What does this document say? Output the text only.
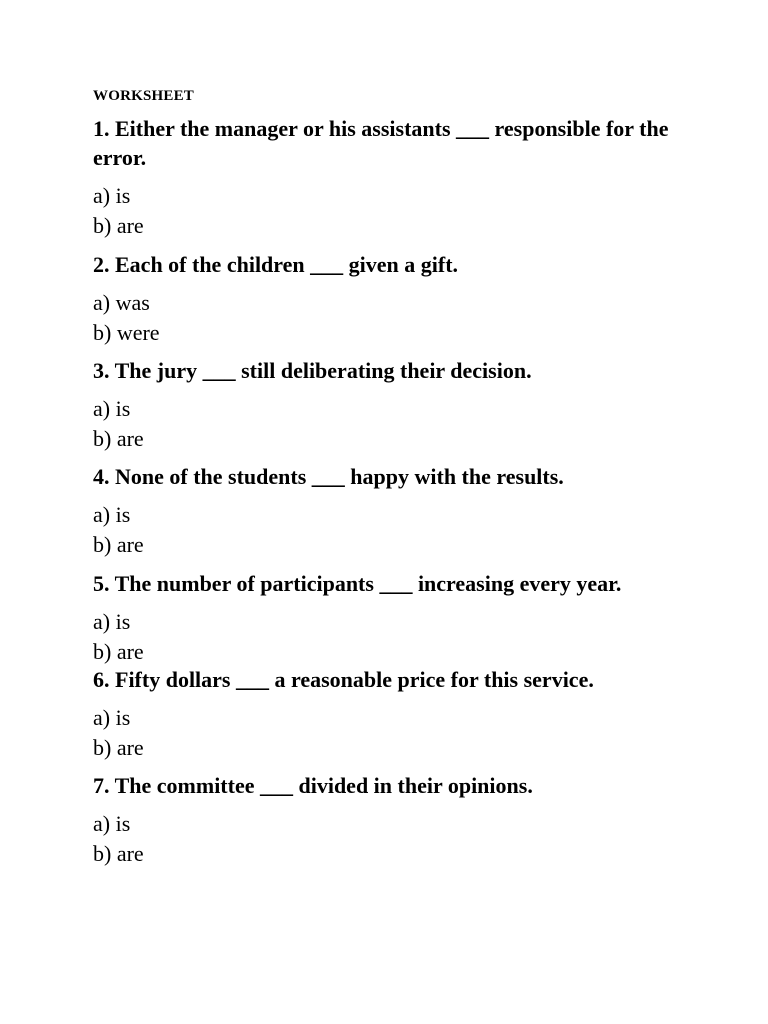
WORKSHEET

1. Either the manager or his assistants ___ responsible for the error.

a) is
b) are

2. Each of the children ___ given a gift.

a) was
b) were

3. The jury ___ still deliberating their decision.

a) is
b) are

4. None of the students ___ happy with the results.

a) is
b) are

5. The number of participants ___ increasing every year.

a) is
b) are

6. Fifty dollars ___ a reasonable price for this service.

a) is
b) are

7. The committee ___ divided in their opinions.

a) is
b) are
